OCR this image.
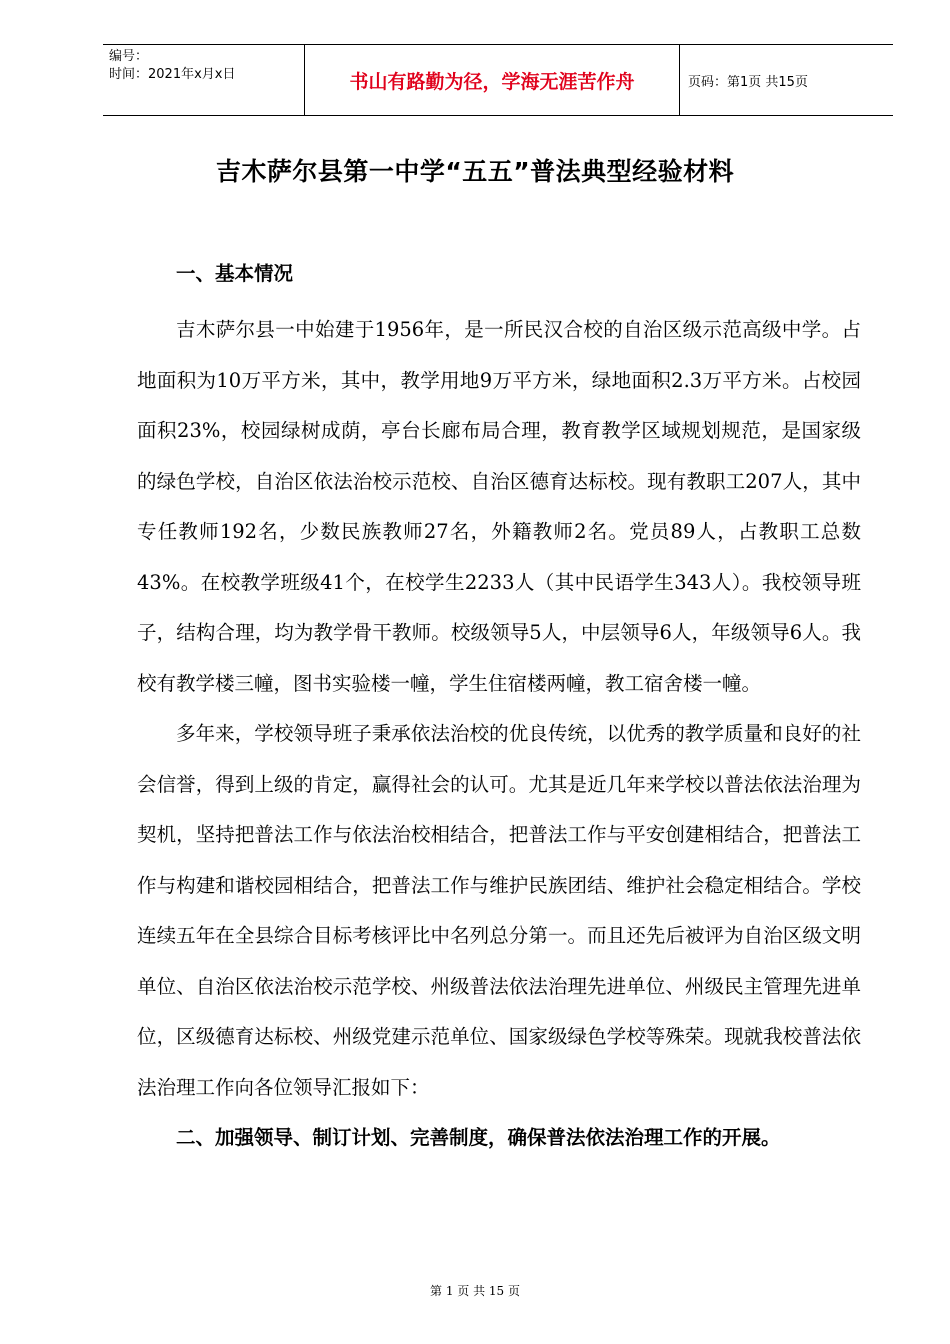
编号：
时间：2021年x月x日	书山有路勤为径，学海无涯苦作舟	页码：第1页 共15页
吉木萨尔县第一中学“五五”普法典型经验材料
一、基本情况

吉木萨尔县一中始建于1956年，是一所民汉合校的自治区级示范高级中学。占地面积为10万平方米，其中，教学用地9万平方米，绿地面积2.3万平方米。占校园面积23%，校园绿树成荫，亭台长廊布局合理，教育教学区域规划规范，是国家级的绿色学校，自治区依法治校示范校、自治区德育达标校。现有教职工207人，其中专任教师192名，少数民族教师27名，外籍教师2名。党员89人，占教职工总数43%。在校教学班级41个，在校学生2233人（其中民语学生343人）。我校领导班子，结构合理，均为教学骨干教师。校级领导5人，中层领导6人，年级领导6人。我校有教学楼三幢，图书实验楼一幢，学生住宿楼两幢，教工宿舍楼一幢。

多年来，学校领导班子秉承依法治校的优良传统，以优秀的教学质量和良好的社会信誉，得到上级的肯定，赢得社会的认可。尤其是近几年来学校以普法依法治理为契机，坚持把普法工作与依法治校相结合，把普法工作与平安创建相结合，把普法工作与构建和谐校园相结合，把普法工作与维护民族团结、维护社会稳定相结合。学校连续五年在全县综合目标考核评比中名列总分第一。而且还先后被评为自治区级文明单位、自治区依法治校示范学校、州级普法依法治理先进单位、州级民主管理先进单位，区级德育达标校、州级党建示范单位、国家级绿色学校等殊荣。现就我校普法依法治理工作向各位领导汇报如下：

二、加强领导、制订计划、完善制度，确保普法依法治理工作的开展。
第 1 页 共 15 页
